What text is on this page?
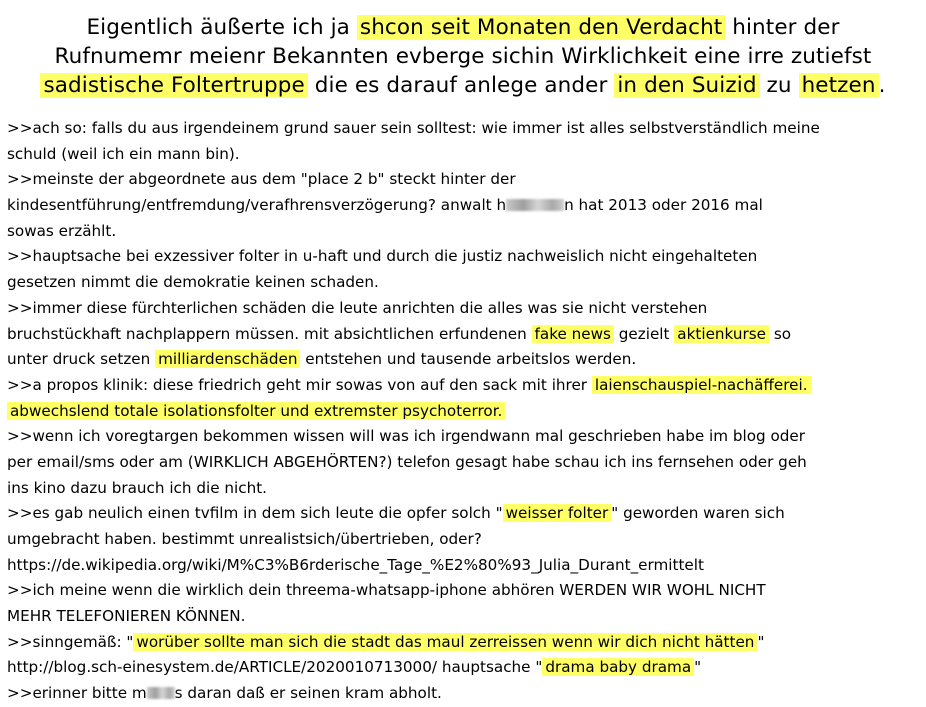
Eigentlich äußerte ich ja shcon seit Monaten den Verdacht hinter der
Rufnumemr meienr Bekannten evberge sichin Wirklichkeit eine irre zutiefst
sadistische Foltertruppe die es darauf anlege ander in den Suizid zu hetzen .
>>ach so: falls du aus irgendeinem grund sauer sein solltest: wie immer ist alles selbstverständlich meine
schuld (weil ich ein mann bin).
>>meinste der abgeordnete aus dem "place 2 b" steckt hinter der
kindesentführung/entfremdung/verafhrensverzögerung? anwalt h	n hat 2013 oder 2016 mal
sowas erzählt.
>>hauptsache bei exzessiver folter in u-haft und durch die justiz nachweislich nicht eingehalteten
gesetzen nimmt die demokratie keinen schaden.
>>immer diese fürchterlichen schäden die leute anrichten die alles was sie nicht verstehen
bruchstückhaft nachplappern müssen. mit absichtlichen erfundenen fake news gezielt aktienkurse so
unter druck setzen milliardenschäden entstehen und tausende arbeitslos werden.
>>a propos klinik: diese friedrich geht mir sowas von auf den sack mit ihrer laienschauspiel-nachäfferei.
abwechslend totale isolationsfolter und extremster psychoterror.
>>wenn ich voregtargen bekommen wissen will was ich irgendwann mal geschrieben habe im blog oder
per email/sms oder am (WIRKLICH ABGEHÖRTEN?) telefon gesagt habe schau ich ins fernsehen oder geh
ins kino dazu brauch ich die nicht.
>>es gab neulich einen tvfilm in dem sich leute die opfer solch " weisser folter " geworden waren sich
umgebracht haben. bestimmt unrealistsich/übertrieben, oder?
https://de.wikipedia.org/wiki/M%C3%B6rderische_Tage_%E2%80%93_Julia_Durant_ermittelt
>>ich meine wenn die wirklich dein threema-whatsapp-iphone abhören WERDEN WIR WOHL NICHT
MEHR TELEFONIEREN KÖNNEN.
>>sinngemäß: " worüber sollte man sich die stadt das maul zerreissen wenn wir dich nicht hätten "
http://blog.sch-einesystem.de/ARTICLE/2020010713000/ hauptsache " drama baby drama "
>>erinner bitte m s daran daß er seinen kram abholt.
